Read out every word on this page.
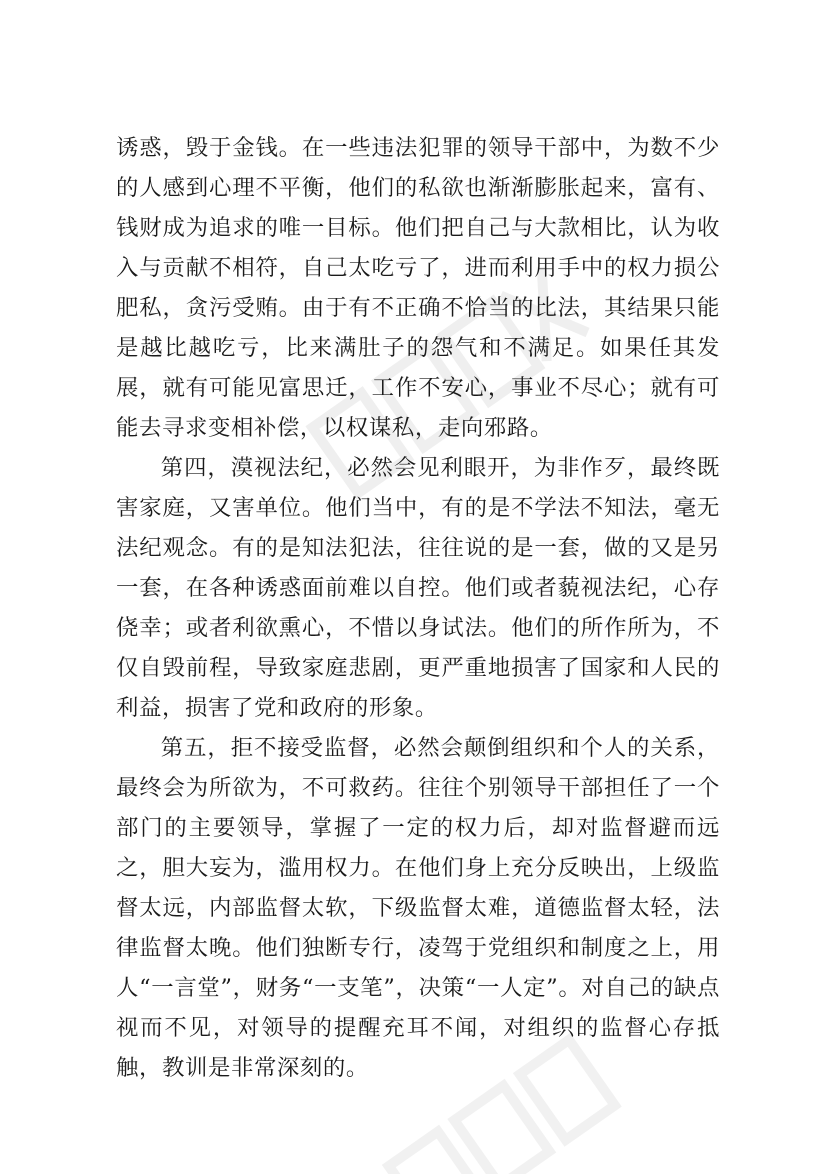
诱惑，毁于金钱。在一些违法犯罪的领导干部中，为数不少的人感到心理不平衡，他们的私欲也渐渐膨胀起来，富有、钱财成为追求的唯一目标。他们把自己与大款相比，认为收入与贡献不相符，自己太吃亏了，进而利用手中的权力损公肥私，贪污受贿。由于有不正确不恰当的比法，其结果只能是越比越吃亏，比来满肚子的怨气和不满足。如果任其发展，就有可能见富思迁，工作不安心，事业不尽心；就有可能去寻求变相补偿，以权谋私，走向邪路。

第四，漠视法纪，必然会见利眼开，为非作歹，最终既害家庭，又害单位。他们当中，有的是不学法不知法，毫无法纪观念。有的是知法犯法，往往说的是一套，做的又是另一套，在各种诱惑面前难以自控。他们或者藐视法纪，心存侥幸；或者利欲熏心，不惜以身试法。他们的所作所为，不仅自毁前程，导致家庭悲剧，更严重地损害了国家和人民的利益，损害了党和政府的形象。

第五，拒不接受监督，必然会颠倒组织和个人的关系，最终会为所欲为，不可救药。往往个别领导干部担任了一个部门的主要领导，掌握了一定的权力后，却对监督避而远之，胆大妄为，滥用权力。在他们身上充分反映出，上级监督太远，内部监督太软，下级监督太难，道德监督太轻，法律监督太晚。他们独断专行，凌驾于党组织和制度之上，用人“一言堂”，财务“一支笔”，决策“一人定”。对自己的缺点视而不见，对领导的提醒充耳不闻，对组织的监督心存抵触，教训是非常深刻的。
